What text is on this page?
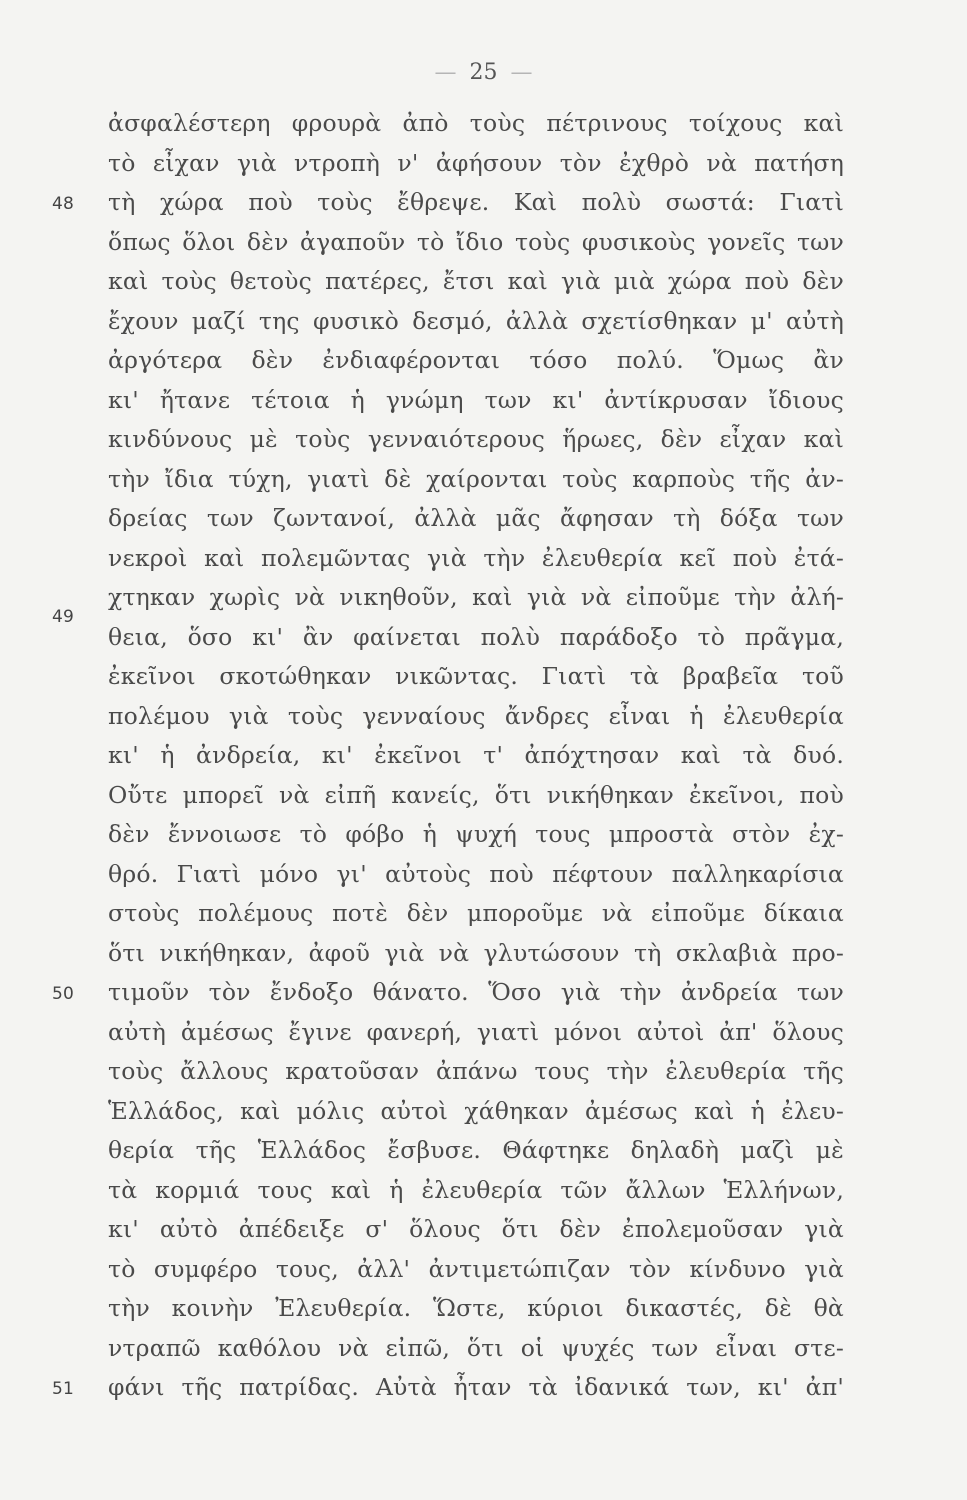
— 25 —
ἀσφαλέστερη φρουρὰ ἀπὸ τοὺς πέτρινους τοίχους καὶ
τὸ εἶχαν γιὰ ντροπὴ ν' ἀφήσουν τὸν ἐχθρὸ νὰ πατήση
48 τὴ χώρα ποὺ τοὺς ἔθρεψε. Καὶ πολὺ σωστά: Γιατὶ
ὅπως ὅλοι δὲν ἀγαποῦν τὸ ἴδιο τοὺς φυσικοὺς γονεῖς των
καὶ τοὺς θετοὺς πατέρες, ἔτσι καὶ γιὰ μιὰ χώρα ποὺ δὲν
ἔχουν μαζί της φυσικὸ δεσμό, ἀλλὰ σχετίσθηκαν μ' αὐτὴ
ἀργότερα δὲν ἐνδιαφέρονται τόσο πολύ. Ὅμως ἂν
κι' ἤτανε τέτοια ἡ γνώμη των κι' ἀντίκρυσαν ἴδιους
κινδύνους μὲ τοὺς γενναιότερους ἥρωες, δὲν εἶχαν καὶ
τὴν ἴδια τύχη, γιατὶ δὲ χαίρονται τοὺς καρποὺς τῆς ἀν-
δρείας των ζωντανοί, ἀλλὰ μᾶς ἄφησαν τὴ δόξα των
νεκροὶ καὶ πολεμῶντας γιὰ τὴν ἐλευθερία κεῖ ποὺ ἐτά-
χτηκαν χωρὶς νὰ νικηθοῦν, καὶ γιὰ νὰ εἰποῦμε τὴν ἀλή-
49
θεια, ὅσο κι' ἂν φαίνεται πολὺ παράδοξο τὸ πρᾶγμα,
ἐκεῖνοι σκοτώθηκαν νικῶντας. Γιατὶ τὰ βραβεῖα τοῦ
πολέμου γιὰ τοὺς γενναίους ἄνδρες εἶναι ἡ ἐλευθερία
κι' ἡ ἀνδρεία, κι' ἐκεῖνοι τ' ἀπόχτησαν καὶ τὰ δυό.
Οὔτε μπορεῖ νὰ εἰπῆ κανείς, ὅτι νικήθηκαν ἐκεῖνοι, ποὺ
δὲν ἔννοιωσε τὸ φόβο ἡ ψυχή τους μπροστὰ στὸν ἐχ-
θρό. Γιατὶ μόνο γι' αὐτοὺς ποὺ πέφτουν παλληκαρίσια
στοὺς πολέμους ποτὲ δὲν μποροῦμε νὰ εἰποῦμε δίκαια
ὅτι νικήθηκαν, ἀφοῦ γιὰ νὰ γλυτώσουν τὴ σκλαβιὰ προ-
50 τιμοῦν τὸν ἔνδοξο θάνατο. Ὅσο γιὰ τὴν ἀνδρεία των
αὐτὴ ἀμέσως ἔγινε φανερή, γιατὶ μόνοι αὐτοὶ ἀπ' ὅλους
τοὺς ἄλλους κρατοῦσαν ἀπάνω τους τὴν ἐλευθερία τῆς
Ἑλλάδος, καὶ μόλις αὐτοὶ χάθηκαν ἀμέσως καὶ ἡ ἐλευ-
θερία τῆς Ἑλλάδος ἔσβυσε. Θάφτηκε δηλαδὴ μαζὶ μὲ
τὰ κορμιά τους καὶ ἡ ἐλευθερία τῶν ἄλλων Ἑλλήνων,
κι' αὐτὸ ἀπέδειξε σ' ὅλους ὅτι δὲν ἐπολεμοῦσαν γιὰ
τὸ συμφέρο τους, ἀλλ' ἀντιμετώπιζαν τὸν κίνδυνο γιὰ
τὴν κοινὴν Ἐλευθερία. Ὥστε, κύριοι δικαστές, δὲ θὰ
ντραπῶ καθόλου νὰ εἰπῶ, ὅτι οἱ ψυχές των εἶναι στε-
51 φάνι τῆς πατρίδας. Αὐτὰ ἦταν τὰ ἰδανικά των, κι' ἀπ'
